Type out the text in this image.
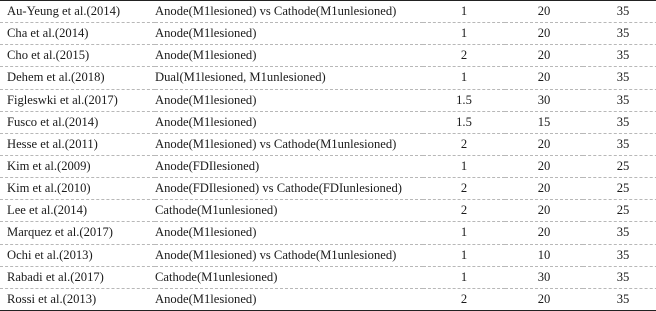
Au-Yeung et al.(2014)	Anode(M1lesioned) vs Cathode(M1unlesioned)	1	20	35
Cha et al.(2014)	Anode(M1lesioned)	1	20	35
Cho et al.(2015)	Anode(M1lesioned)	2	20	35
Dehem et al.(2018)	Dual(M1lesioned, M1unlesioned)	1	20	35
Figleswki et al.(2017)	Anode(M1lesioned)	1.5	30	35
Fusco et al.(2014)	Anode(M1lesioned)	1.5	15	35
Hesse et al.(2011)	Anode(M1lesioned) vs Cathode(M1unlesioned)	2	20	35
Kim et al.(2009)	Anode(FDIlesioned)	1	20	25
Kim et al.(2010)	Anode(FDIlesioned) vs Cathode(FDIunlesioned)	2	20	25
Lee et al.(2014)	Cathode(M1unlesioned)	2	20	25
Marquez et al.(2017)	Anode(M1lesioned)	1	20	35
Ochi et al.(2013)	Anode(M1lesioned) vs Cathode(M1unlesioned)	1	10	35
Rabadi et al.(2017)	Cathode(M1unlesioned)	1	30	35
Rossi et al.(2013)	Anode(M1lesioned)	2	20	35
